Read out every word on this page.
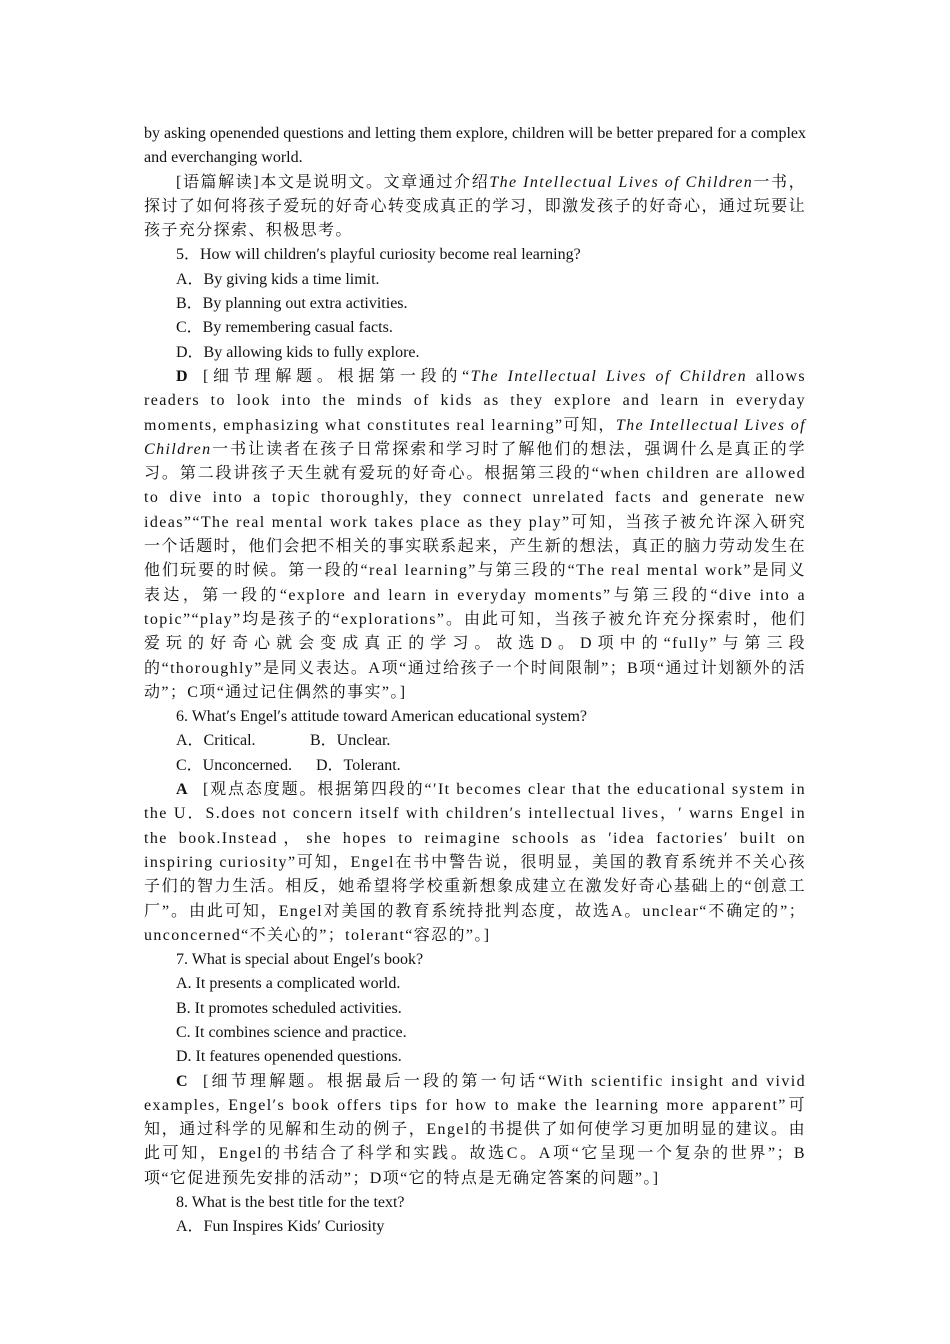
by asking openended questions and letting them explore, children will be better prepared for a complex and everchanging world.

[语篇解读]本文是说明文。文章通过介绍The Intellectual Lives of Children一书，探讨了如何将孩子爱玩的好奇心转变成真正的学习，即激发孩子的好奇心，通过玩要让孩子充分探索、积极思考。

5．How will children′s playful curiosity become real learning?

A．By giving kids a time limit.

B．By planning out extra activities.

C．By remembering casual facts.

D．By allowing kids to fully explore.

D [细节理解题。根据第一段的“The Intellectual Lives of Children allows readers to look into the minds of kids as they explore and learn in everyday moments, emphasizing what constitutes real learning”可知，The Intellectual Lives of Children一书让读者在孩子日常探索和学习时了解他们的想法，强调什么是真正的学习。第二段讲孩子天生就有爱玩的好奇心。根据第三段的“when children are allowed to dive into a topic thoroughly, they connect unrelated facts and generate new ideas”“The real mental work takes place as they play”可知，当孩子被允许深入研究一个话题时，他们会把不相关的事实联系起来，产生新的想法，真正的脑力劳动发生在他们玩要的时候。第一段的“real learning”与第三段的“The real mental work”是同义表达，第一段的“explore and learn in everyday moments”与第三段的“dive into a topic”“play”均是孩子的“explorations”。由此可知，当孩子被允许充分探索时，他们爱玩的好奇心就会变成真正的学习。故选D。D项中的“fully”与第三段的“thoroughly”是同义表达。A项“通过给孩子一个时间限制”；B项“通过计划额外的活动”；C项“通过记住偶然的事实”。]

6. What′s Engel′s attitude toward American educational system?

A．Critical.	B．Unclear.
C．Unconcerned.	D．Tolerant.

A [观点态度题。根据第四段的“′It becomes clear that the educational system in the U．S.does not concern itself with children′s intellectual lives，′ warns Engel in the book.Instead，she hopes to reimagine schools as ′idea factories′ built on inspiring curiosity”可知，Engel在书中警告说，很明显，美国的教育系统并不关心孩子们的智力生活。相反，她希望将学校重新想象成建立在激发好奇心基础上的“创意工厂”。由此可知，Engel对美国的教育系统持批判态度，故选A。unclear“不确定的”；unconcerned“不关心的”；tolerant“容忍的”。]

7. What is special about Engel′s book?

A. It presents a complicated world.

B. It promotes scheduled activities.

C. It combines science and practice.

D. It features openended questions.

C [细节理解题。根据最后一段的第一句话“With scientific insight and vivid examples, Engel′s book offers tips for how to make the learning more apparent”可知，通过科学的见解和生动的例子，Engel的书提供了如何使学习更加明显的建议。由此可知，Engel的书结合了科学和实践。故选C。A项“它呈现一个复杂的世界”；B项“它促进预先安排的活动”；D项“它的特点是无确定答案的问题”。]

8. What is the best title for the text?

A．Fun Inspires Kids′ Curiosity
